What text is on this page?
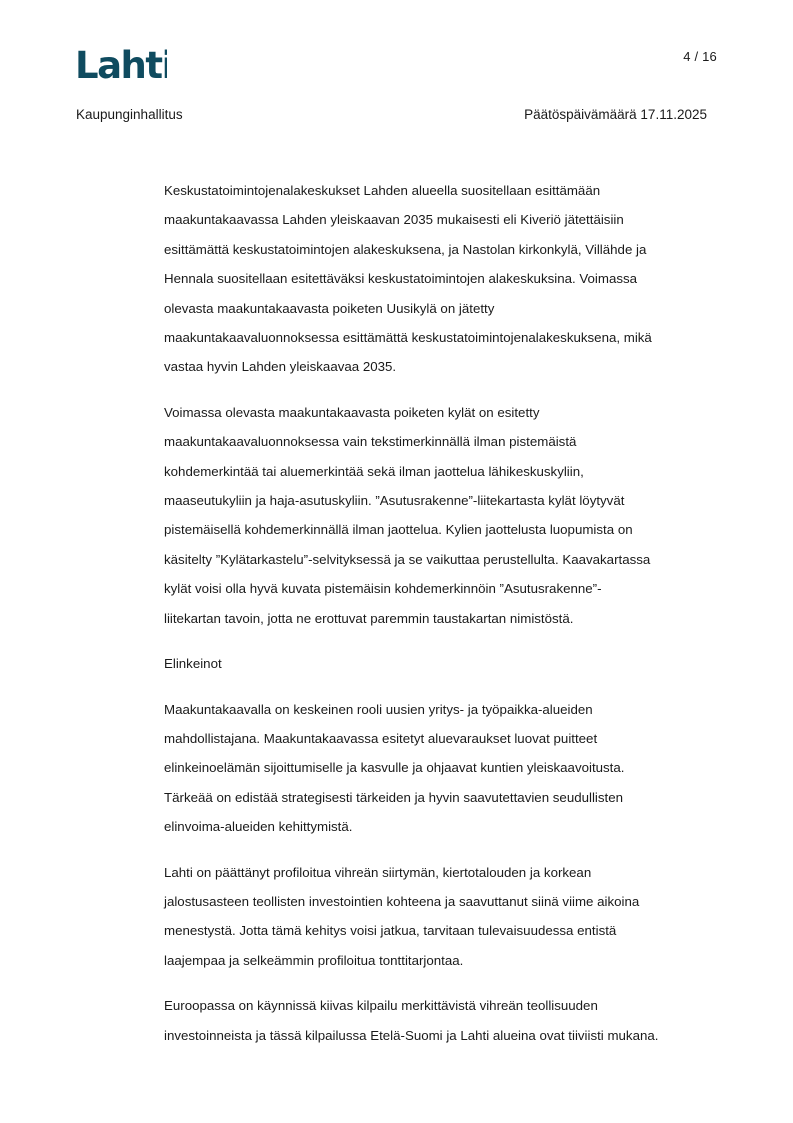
Lahti	4 / 16
Kaupunginhallitus	Päätöspäivämäärä 17.11.2025
Keskustatoimintojenalakeskukset Lahden alueella suositellaan esittämään
maakuntakaavassa Lahden yleiskaavan 2035 mukaisesti eli Kiveriö jätettäisiin
esittämättä keskustatoimintojen alakeskuksena, ja Nastolan kirkonkylä, Villähde ja
Hennala suositellaan esitettäväksi keskustatoimintojen alakeskuksina. Voimassa
olevasta maakuntakaavasta poiketen Uusikylä on jätetty
maakuntakaavaluonnoksessa esittämättä keskustatoimintojenalakeskuksena, mikä
vastaa hyvin Lahden yleiskaavaa 2035.
Voimassa olevasta maakuntakaavasta poiketen kylät on esitetty
maakuntakaavaluonnoksessa vain tekstimerkinnällä ilman pistemäistä
kohdemerkintää tai aluemerkintää sekä ilman jaottelua lähikeskuskyliin,
maaseutukyliin ja haja-asutuskyliin. ”Asutusrakenne”-liitekartasta kylät löytyvät
pistemäisellä kohdemerkinnällä ilman jaottelua. Kylien jaottelusta luopumista on
käsitelty ”Kylätarkastelu”-selvityksessä ja se vaikuttaa perustellulta. Kaavakartassa
kylät voisi olla hyvä kuvata pistemäisin kohdemerkinnöin ”Asutusrakenne”-
liitekartan tavoin, jotta ne erottuvat paremmin taustakartan nimistöstä.
Elinkeinot
Maakuntakaavalla on keskeinen rooli uusien yritys- ja työpaikka-alueiden
mahdollistajana. Maakuntakaavassa esitetyt aluevaraukset luovat puitteet
elinkeinoelämän sijoittumiselle ja kasvulle ja ohjaavat kuntien yleiskaavoitusta.
Tärkeää on edistää strategisesti tärkeiden ja hyvin saavutettavien seudullisten
elinvoima-alueiden kehittymistä.
Lahti on päättänyt profiloitua vihreän siirtymän, kiertotalouden ja korkean
jalostusasteen teollisten investointien kohteena ja saavuttanut siinä viime aikoina
menestystä. Jotta tämä kehitys voisi jatkua, tarvitaan tulevaisuudessa entistä
laajempaa ja selkeämmin profiloitua tonttitarjontaa.
Euroopassa on käynnissä kiivas kilpailu merkittävistä vihreän teollisuuden
investoinneista ja tässä kilpailussa Etelä-Suomi ja Lahti alueina ovat tiiviisti mukana.
